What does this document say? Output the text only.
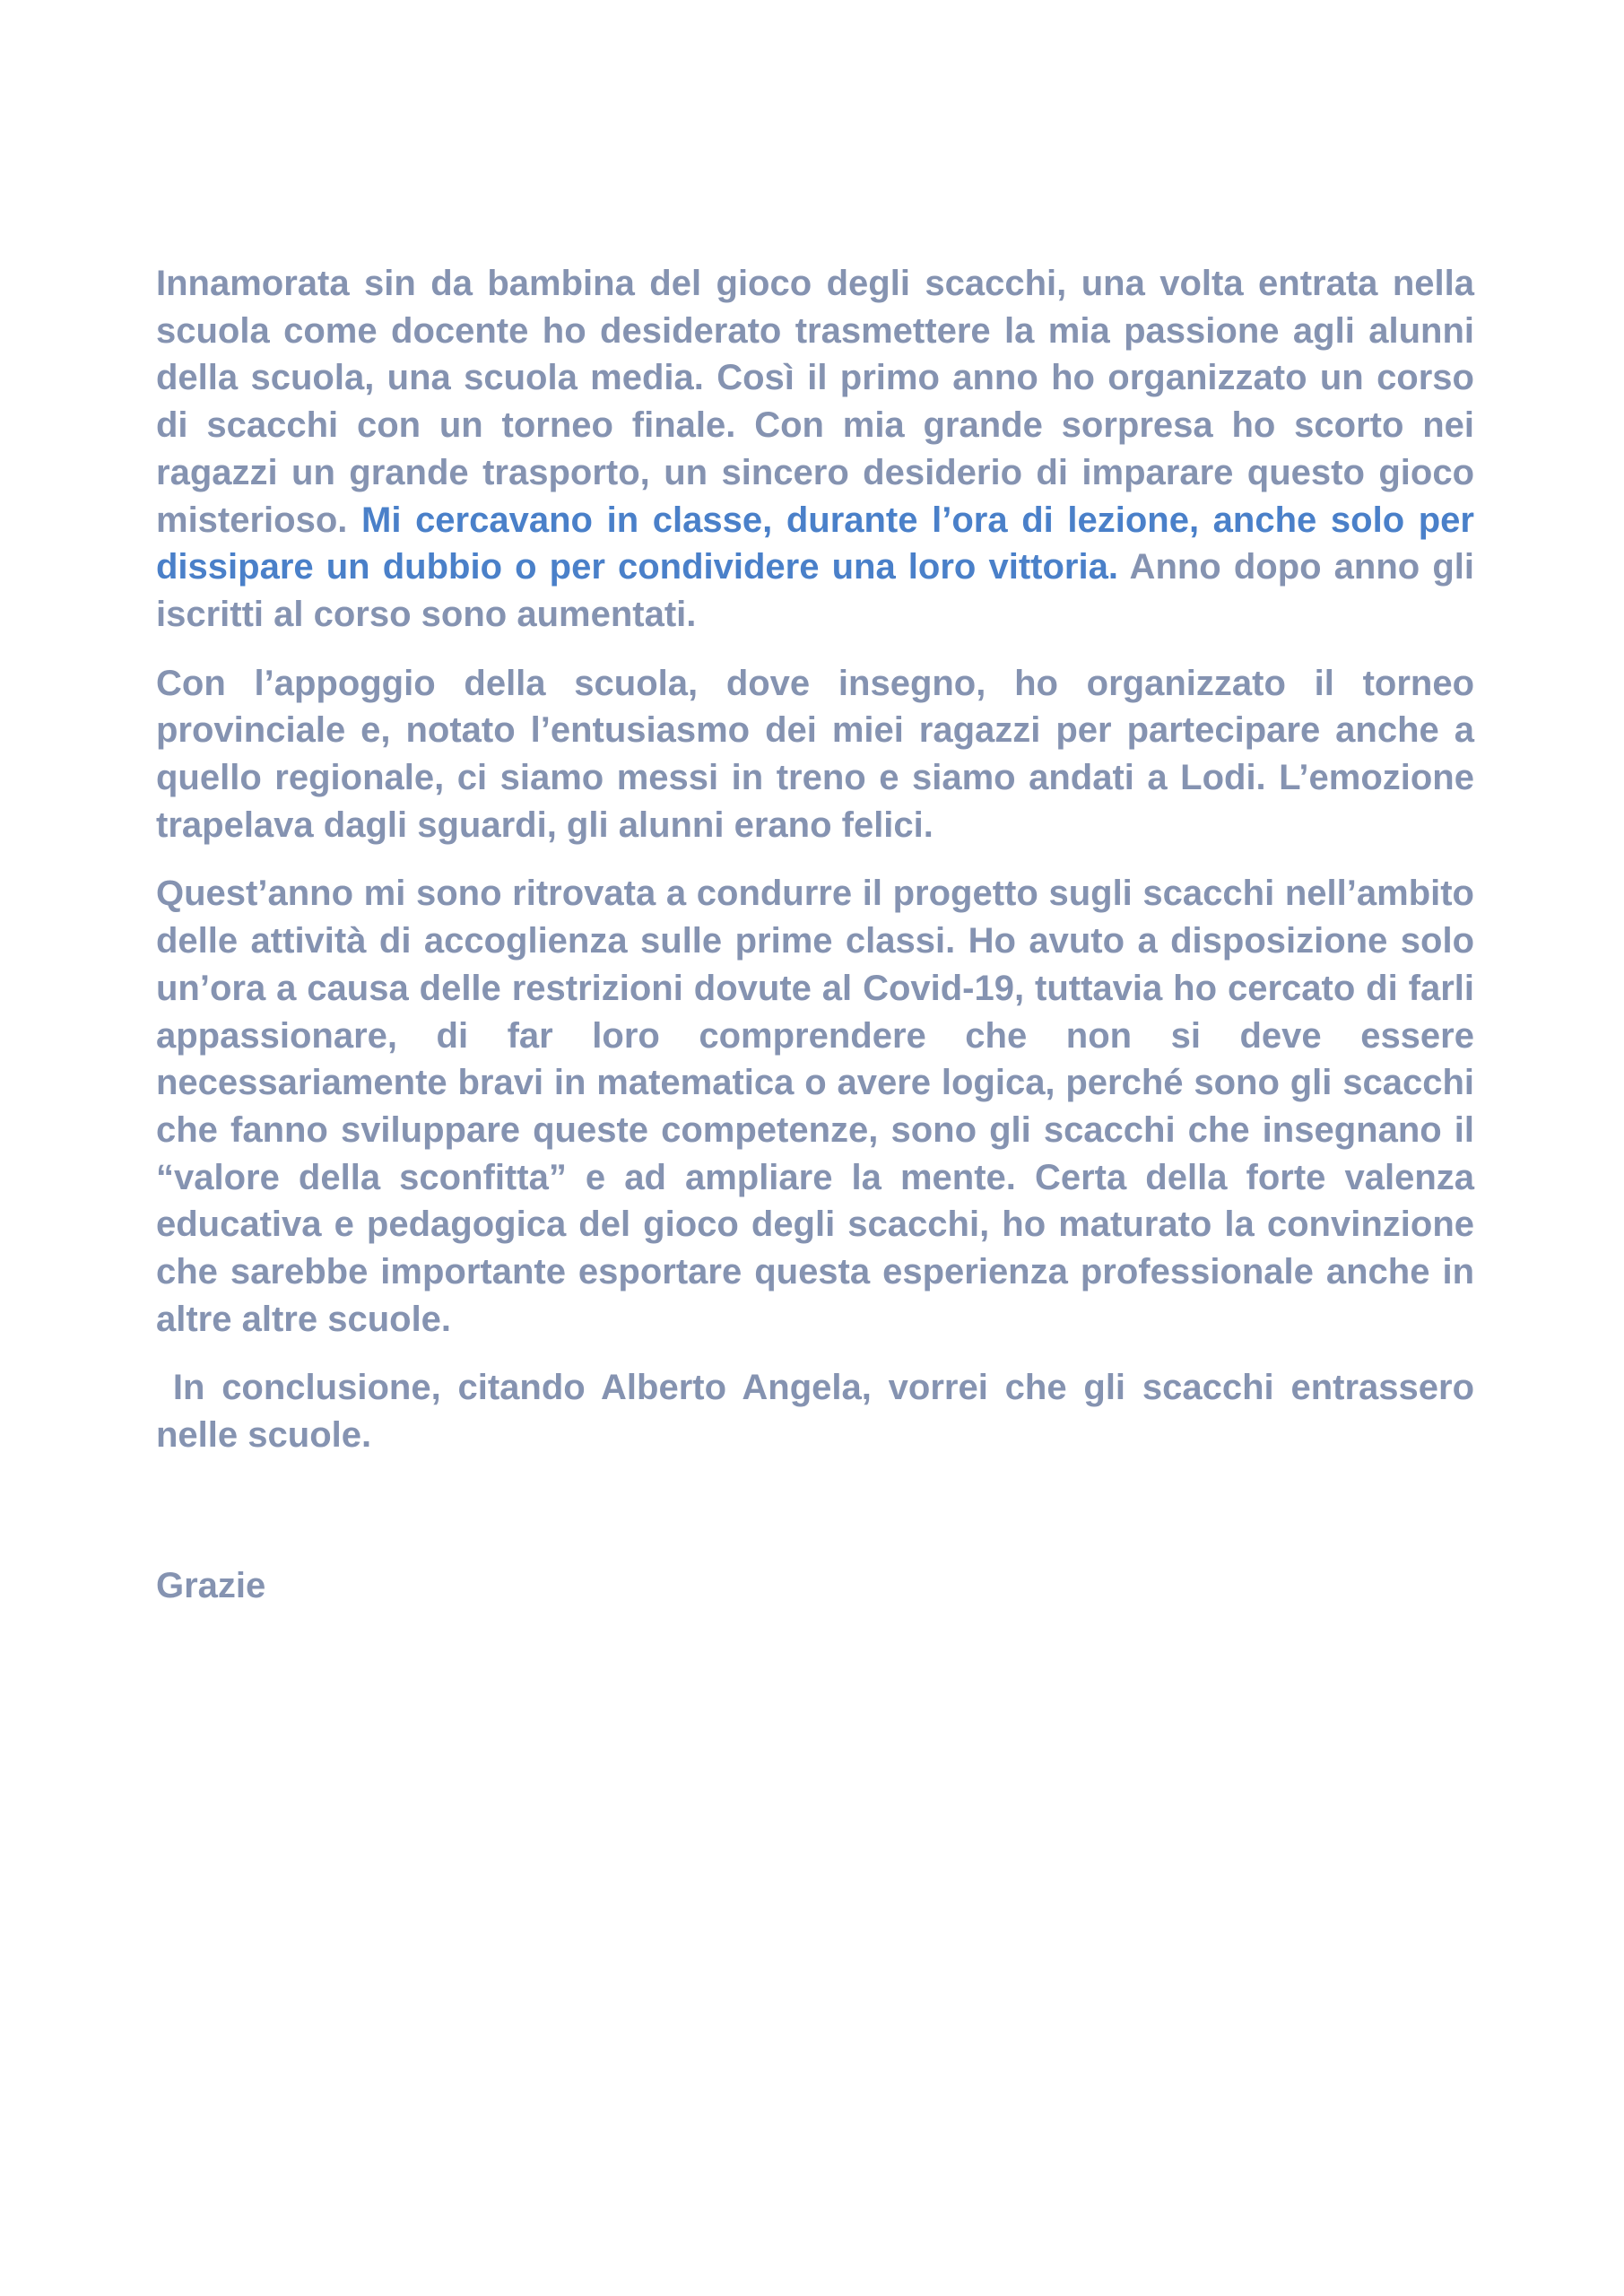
Innamorata sin da bambina del gioco degli scacchi, una volta entrata nella scuola come docente ho desiderato trasmettere la mia passione agli alunni della scuola, una scuola media. Così il primo anno ho organizzato un corso di scacchi con un torneo finale. Con mia grande sorpresa ho scorto nei ragazzi un grande trasporto, un sincero desiderio di imparare questo gioco misterioso. Mi cercavano in classe, durante l’ora di lezione, anche solo per dissipare un dubbio o per condividere una loro vittoria. Anno dopo anno gli iscritti al corso sono aumentati.

Con l’appoggio della scuola, dove insegno, ho organizzato il torneo provinciale e, notato l’entusiasmo dei miei ragazzi per partecipare anche a quello regionale, ci siamo messi in treno e siamo andati a Lodi. L’emozione trapelava dagli sguardi, gli alunni erano felici.

Quest’anno mi sono ritrovata a condurre il progetto sugli scacchi nell’ambito delle attività di accoglienza sulle prime classi. Ho avuto a disposizione solo un’ora a causa delle restrizioni dovute al Covid-19, tuttavia ho cercato di farli appassionare, di far loro comprendere che non si deve essere necessariamente bravi in matematica o avere logica, perché sono gli scacchi che fanno sviluppare queste competenze, sono gli scacchi che insegnano il “valore della sconfitta” e ad ampliare la mente. Certa della forte valenza educativa e pedagogica del gioco degli scacchi, ho maturato la convinzione che sarebbe importante esportare questa esperienza professionale anche in altre altre scuole.

In conclusione, citando Alberto Angela, vorrei che gli scacchi entrassero nelle scuole.

Grazie
